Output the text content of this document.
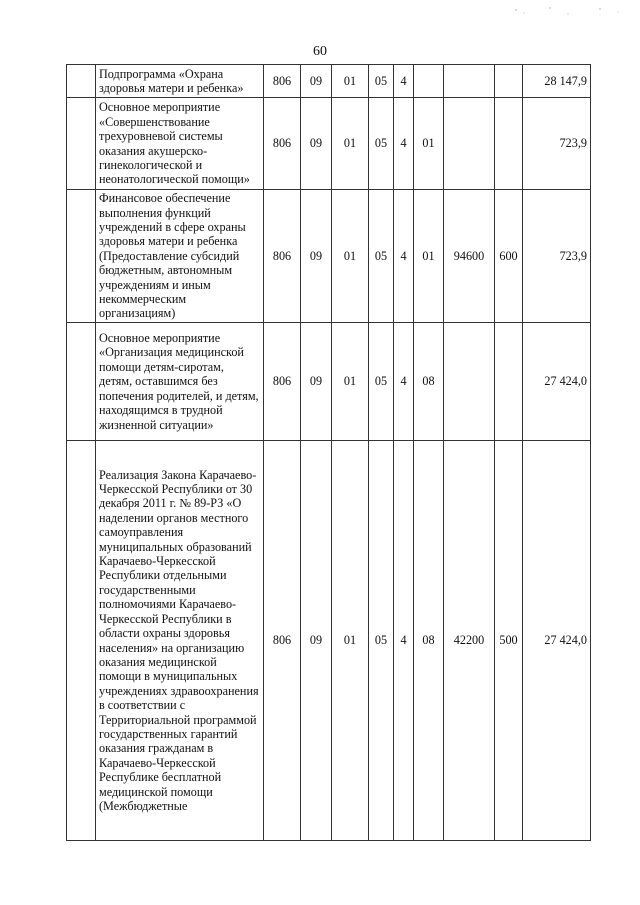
60
	Подпрограмма «Охрана здоровья матери и ребенка»	806	09	01	05	4				28 147,9
	Основное мероприятие «Совершенствование трехуровневой системы оказания акушерско-гинекологической и неонатологической помощи»	806	09	01	05	4	01			723,9
	Финансовое обеспечение выполнения функций учреждений в сфере охраны здоровья матери и ребенка (Предоставление субсидий бюджетным, автономным учреждениям и иным некоммерческим организациям)	806	09	01	05	4	01	94600	600	723,9
	Основное мероприятие «Организация медицинской помощи детям-сиротам, детям, оставшимся без попечения родителей, и детям, находящимся в трудной жизненной ситуации»	806	09	01	05	4	08			27 424,0
	Реализация Закона Карачаево-Черкесской Республики от 30 декабря 2011 г. № 89-РЗ «О наделении органов местного самоуправления муниципальных образований Карачаево-Черкесской Республики отдельными государственными полномочиями Карачаево-Черкесской Республики в области охраны здоровья населения» на организацию оказания медицинской помощи в муниципальных учреждениях здравоохранения в соответствии с Территориальной программой государственных гарантий оказания гражданам в Карачаево-Черкесской Республике бесплатной медицинской помощи (Межбюджетные	806	09	01	05	4	08	42200	500	27 424,0
